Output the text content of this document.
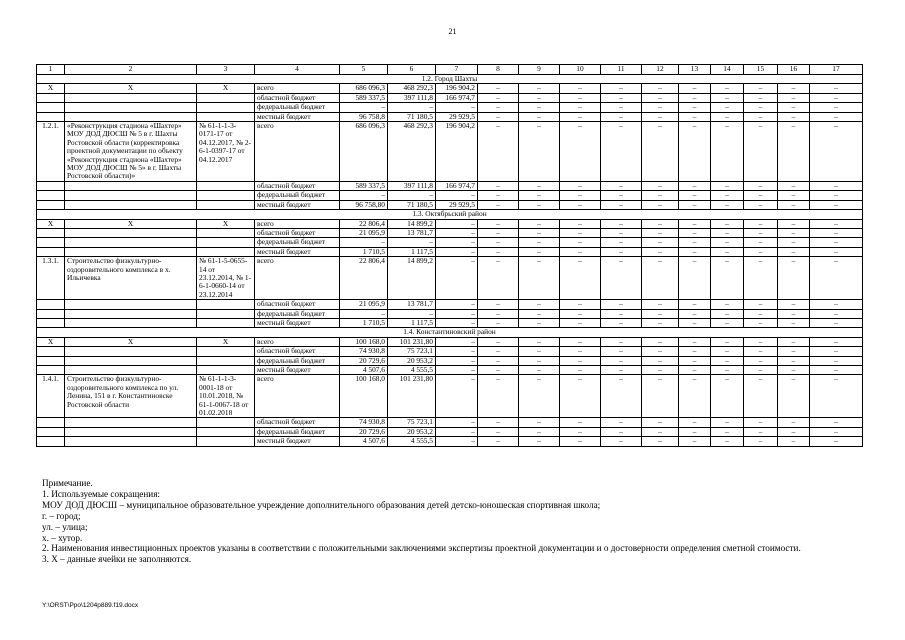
21
1	2	3	4	5	6	7	8	9	10	11	12	13	14	15	16	17
1.2. Город Шахты																
Х	Х	Х	всего	686 096,3	468 292,3	196 904,2	–	–	–	–	–	–	–	–	–	–
			областной бюджет	589 337,5	397 111,8	166 974,7	–	–	–	–	–	–	–	–	–	–
			федеральный бюджет	–	–	–	–	–	–	–	–	–	–	–	–	–
			местный бюджет	96 758,8	71 180,5	29 929,5	–	–	–	–	–	–	–	–	–	–
1.2.1.	«Реконструкция стадиона «Шахтер» МОУ ДОД ДЮСШ № 5 в г. Шахты Ростовской области (корректировка проектной документации по объекту «Реконструкция стадиона «Шахтер» МОУ ДОД ДЮСШ № 5» в г. Шахты Ростовской области)»	№ 61-1-1-3-0171-17 от 04.12.2017, № 2-6-1-0397-17 от 04.12.2017	всего	686 096,3	468 292,3	196 904,2	–	–	–	–	–	–	–	–	–	–
			областной бюджет	589 337,5	397 111,8	166 974,7	–	–	–	–	–	–	–	–	–	–
			федеральный бюджет	–	–	–	–	–	–	–	–	–	–	–	–	–
			местный бюджет	96 758,80	71 180,5	29 929,5	–	–	–	–	–	–	–	–	–	–
1.3. Октябрьский район																
Х	Х	Х	всего	22 806,4	14 899,2	–	–	–	–	–	–	–	–	–	–	–
			областной бюджет	21 095,9	13 781,7	–	–	–	–	–	–	–	–	–	–	–
			федеральный бюджет	–	–	–	–	–	–	–	–	–	–	–	–	–
			местный бюджет	1 710,5	1 117,5	–	–	–	–	–	–	–	–	–	–	–
1.3.1.	Строительство физкультурно-оздоровительного комплекса в х. Ильичевка	№ 61-1-5-0655-14 от 23.12.2014, № 1-6-1-0660-14 от 23.12.2014	всего	22 806,4	14 899,2	–	–	–	–	–	–	–	–	–	–	–
			областной бюджет	21 095,9	13 781,7	–	–	–	–	–	–	–	–	–	–	–
			федеральный бюджет	–	–	–	–	–	–	–	–	–	–	–	–	–
			местный бюджет	1 710,5	1 117,5	–	–	–	–	–	–	–	–	–	–	–
1.4. Константиновский район																
Х	Х	Х	всего	100 168,0	101 231,80	–	–	–	–	–	–	–	–	–	–	–
			областной бюджет	74 930,8	75 723,1	–	–	–	–	–	–	–	–	–	–	–
			федеральный бюджет	20 729,6	20 953,2	–	–	–	–	–	–	–	–	–	–	–
			местный бюджет	4 507,6	4 555,5	–	–	–	–	–	–	–	–	–	–	–
1.4.1.	Строительство физкультурно-оздоровительного комплекса по ул. Ленина, 151 в г. Константиновске Ростовской области	№ 61-1-1-3-0001-18 от 10.01.2018, № 61-1-0067-18 от 01.02.2018	всего	100 168,0	101 231,80	–	–	–	–	–	–	–	–	–	–	–
			областной бюджет	74 930,8	75 723,1	–	–	–	–	–	–	–	–	–	–	–
			федеральный бюджет	20 729,6	20 953,2	–	–	–	–	–	–	–	–	–	–	–
			местный бюджет	4 507,6	4 555,5	–	–	–	–	–	–	–	–	–	–	–

Примечание.

1. Используемые сокращения:

МОУ ДОД ДЮСШ – муниципальное образовательное учреждение дополнительного образования детей детско-юношеская спортивная школа;

г. – город;

ул. – улица;

х. – хутор.

2. Наименования инвестиционных проектов указаны в соответствии с положительными заключениями экспертизы проектной документации и о достоверности определения сметной стоимости.

3. Х – данные ячейки не заполняются.

Y:\ORST\Ppo\1204p889.f19.docx
